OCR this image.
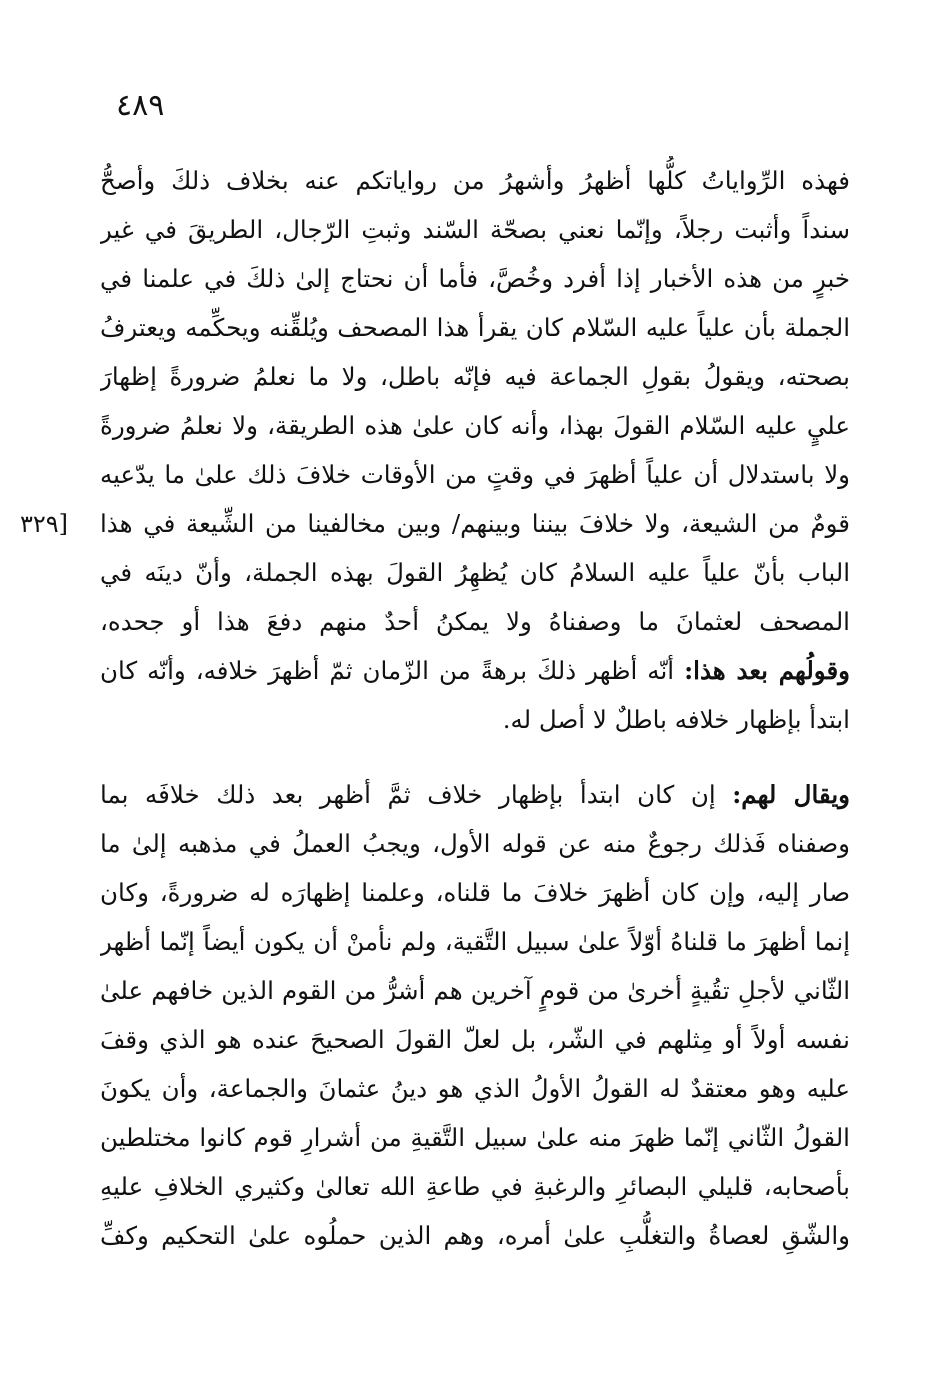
٤٨٩
[٣٢٩
فهذه الرِّواياتُ كلُّها أظهرُ وأشهرُ من رواياتكم عنه بخلاف ذلكَ وأصحُّ
سنداً وأثبت رجلاً، وإنّما نعني بصحّة السّند وثبتِ الرّجال، الطريقَ في غير
خبرٍ من هذه الأخبار إذا أفرد وخُصَّ، فأما أن نحتاج إلىٰ ذلكَ في علمنا في
الجملة بأن علياً عليه السّلام كان يقرأ هذا المصحف ويُلقِّنه ويحكِّمه ويعترفُ
بصحته، ويقولُ بقولِ الجماعة فيه فإنّه باطل، ولا ما نعلمُ ضرورةً إظهارَ
عليٍ عليه السّلام القولَ بهذا، وأنه كان علىٰ هذه الطريقة، ولا نعلمُ ضرورةً
ولا باستدلال أن علياً أظهرَ في وقتٍ من الأوقات خلافَ ذلك علىٰ ما يدّعيه
قومٌ من الشيعة، ولا خلافَ بيننا وبينهم/ وبين مخالفينا من الشِّيعة في هذا
الباب بأنّ علياً عليه السلامُ كان يُظهِرُ القولَ بهذه الجملة، وأنّ دينَه في
المصحف لعثمانَ ما وصفناهُ ولا يمكنُ أحدٌ منهم دفعَ هذا أو جحده،
وقولُهم بعد هذا: أنّه أظهر ذلكَ برهةً من الزّمان ثمّ أظهرَ خلافه، وأنّه كان
ابتدأ بإظهار خلافه باطلٌ لا أصل له.
ويقال لهم: إن كان ابتدأ بإظهار خلاف ثمَّ أظهر بعد ذلك خلافَه بما
وصفناه فَذلك رجوعٌ منه عن قوله الأول، ويجبُ العملُ في مذهبه إلىٰ ما
صار إليه، وإن كان أظهرَ خلافَ ما قلناه، وعلمنا إظهارَه له ضرورةً، وكان
إنما أظهرَ ما قلناهُ أوّلاً علىٰ سبيل التَّقية، ولم نأمنْ أن يكون أيضاً إنّما أظهر
الثّاني لأجلِ تقُيةٍ أخرىٰ من قومٍ آخرين هم أشرُّ من القوم الذين خافهم علىٰ
نفسه أولاً أو مِثلهم في الشّر، بل لعلّ القولَ الصحيحَ عنده هو الذي وقفَ
عليه وهو معتقدٌ له القولُ الأولُ الذي هو دينُ عثمانَ والجماعة، وأن يكونَ
القولُ الثّاني إنّما ظهرَ منه علىٰ سبيل التَّقيةِ من أشرارِ قوم كانوا مختلطين
بأصحابه، قليلي البصائرِ والرغبةِ في طاعةِ الله تعالىٰ وكثيري الخلافِ عليهِ
والشّقِ لعصاةُ والتغلُّبِ علىٰ أمره، وهم الذين حملُوه علىٰ التحكيم وكفِّ
